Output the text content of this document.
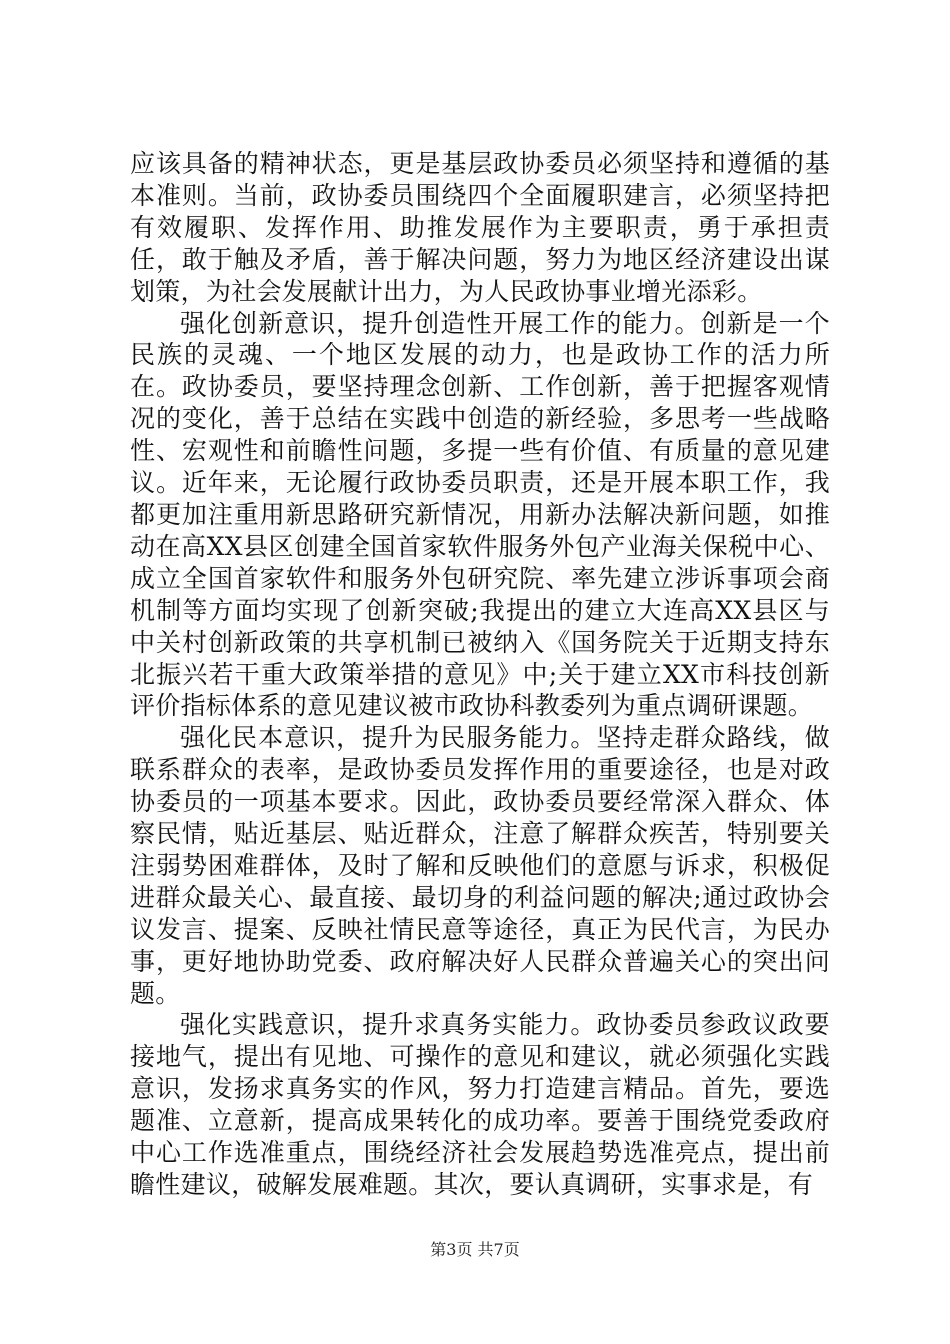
应该具备的精神状态，更是基层政协委员必须坚持和遵循的基本准则。当前，政协委员围绕四个全面履职建言，必须坚持把有效履职、发挥作用、助推发展作为主要职责，勇于承担责任，敢于触及矛盾，善于解决问题，努力为地区经济建设出谋划策，为社会发展献计出力，为人民政协事业增光添彩。

强化创新意识，提升创造性开展工作的能力。创新是一个民族的灵魂、一个地区发展的动力，也是政协工作的活力所在。政协委员，要坚持理念创新、工作创新，善于把握客观情况的变化，善于总结在实践中创造的新经验，多思考一些战略性、宏观性和前瞻性问题，多提一些有价值、有质量的意见建议。近年来，无论履行政协委员职责，还是开展本职工作，我都更加注重用新思路研究新情况，用新办法解决新问题，如推动在高XX县区创建全国首家软件服务外包产业海关保税中心、成立全国首家软件和服务外包研究院、率先建立涉诉事项会商机制等方面均实现了创新突破;我提出的建立大连高XX县区与中关村创新政策的共享机制已被纳入《国务院关于近期支持东北振兴若干重大政策举措的意见》中;关于建立XX市科技创新评价指标体系的意见建议被市政协科教委列为重点调研课题。

强化民本意识，提升为民服务能力。坚持走群众路线，做联系群众的表率，是政协委员发挥作用的重要途径，也是对政协委员的一项基本要求。因此，政协委员要经常深入群众、体察民情，贴近基层、贴近群众，注意了解群众疾苦，特别要关注弱势困难群体，及时了解和反映他们的意愿与诉求，积极促进群众最关心、最直接、最切身的利益问题的解决;通过政协会议发言、提案、反映社情民意等途径，真正为民代言，为民办事，更好地协助党委、政府解决好人民群众普遍关心的突出问题。

强化实践意识，提升求真务实能力。政协委员参政议政要接地气，提出有见地、可操作的意见和建议，就必须强化实践意识，发扬求真务实的作风，努力打造建言精品。首先，要选题准、立意新，提高成果转化的成功率。要善于围绕党委政府中心工作选准重点，围绕经济社会发展趋势选准亮点，提出前瞻性建议，破解发展难题。其次，要认真调研，实事求是，有

第3页 共7页
